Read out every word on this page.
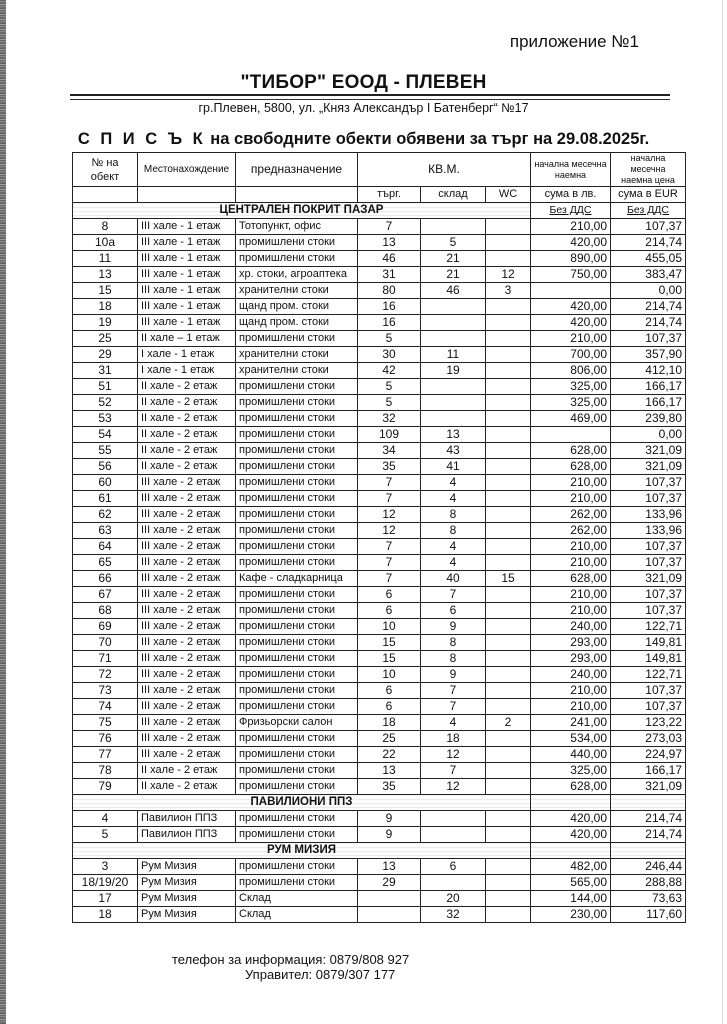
приложение №1
"ТИБОР" ЕООД - ПЛЕВЕН
гр.Плевен, 5800, ул. „Княз Александър I Батенберг“ №17
С П И С Ъ К на свободните обекти обявени за търг на 29.08.2025г.
№ на обект	Местонахождение	предназначение	КВ.М.			начална месечна наемна	начална месечна наемна цена
			търг.	склад	WC	сума в лв.	сума в EUR
ЦЕНТРАЛЕН ПОКРИТ ПАЗАР						Без ДДС	Без ДДС
8	III хале - 1 етаж	Тотопункт, офис	7			210,00	107,37
10а	III хале - 1 етаж	промишлени стоки	13	5		420,00	214,74
11	III хале - 1 етаж	промишлени стоки	46	21		890,00	455,05
13	III хале - 1 етаж	хр. стоки, агроаптека	31	21	12	750,00	383,47
15	III хале - 1 етаж	хранителни стоки	80	46	3		0,00
18	III хале - 1 етаж	щанд пром. стоки	16			420,00	214,74
19	III хале - 1 етаж	щанд пром. стоки	16			420,00	214,74
25	II хале – 1 етаж	промишлени стоки	5			210,00	107,37
29	I хале - 1 етаж	хранителни стоки	30	11		700,00	357,90
31	I хале - 1 етаж	хранителни стоки	42	19		806,00	412,10
51	II хале - 2 етаж	промишлени стоки	5			325,00	166,17
52	II хале - 2 етаж	промишлени стоки	5			325,00	166,17
53	II хале - 2 етаж	промишлени стоки	32			469,00	239,80
54	II хале - 2 етаж	промишлени стоки	109	13			0,00
55	II хале - 2 етаж	промишлени стоки	34	43		628,00	321,09
56	II хале - 2 етаж	промишлени стоки	35	41		628,00	321,09
60	III хале - 2 етаж	промишлени стоки	7	4		210,00	107,37
61	III хале - 2 етаж	промишлени стоки	7	4		210,00	107,37
62	III хале - 2 етаж	промишлени стоки	12	8		262,00	133,96
63	III хале - 2 етаж	промишлени стоки	12	8		262,00	133,96
64	III хале - 2 етаж	промишлени стоки	7	4		210,00	107,37
65	III хале - 2 етаж	промишлени стоки	7	4		210,00	107,37
66	III хале - 2 етаж	Кафе - сладкарница	7	40	15	628,00	321,09
67	III хале - 2 етаж	промишлени стоки	6	7		210,00	107,37
68	III хале - 2 етаж	промишлени стоки	6	6		210,00	107,37
69	III хале - 2 етаж	промишлени стоки	10	9		240,00	122,71
70	III хале - 2 етаж	промишлени стоки	15	8		293,00	149,81
71	III хале - 2 етаж	промишлени стоки	15	8		293,00	149,81
72	III хале - 2 етаж	промишлени стоки	10	9		240,00	122,71
73	III хале - 2 етаж	промишлени стоки	6	7		210,00	107,37
74	III хале - 2 етаж	промишлени стоки	6	7		210,00	107,37
75	III хале - 2 етаж	Фризьорски салон	18	4	2	241,00	123,22
76	III хале - 2 етаж	промишлени стоки	25	18		534,00	273,03
77	III хале - 2 етаж	промишлени стоки	22	12		440,00	224,97
78	II хале - 2 етаж	промишлени стоки	13	7		325,00	166,17
79	II хале - 2 етаж	промишлени стоки	35	12		628,00	321,09
ПАВИЛИОНИ ППЗ							
4	Павилион ППЗ	промишлени стоки	9			420,00	214,74
5	Павилион ППЗ	промишлени стоки	9			420,00	214,74
РУМ МИЗИЯ							
3	Рум Мизия	промишлени стоки	13	6		482,00	246,44
18/19/20	Рум Мизия	промишлени стоки	29			565,00	288,88
17	Рум Мизия	Склад		20		144,00	73,63
18	Рум Мизия	Склад		32		230,00	117,60
телефон за информация: 0879/808 927
Управител: 0879/307 177
